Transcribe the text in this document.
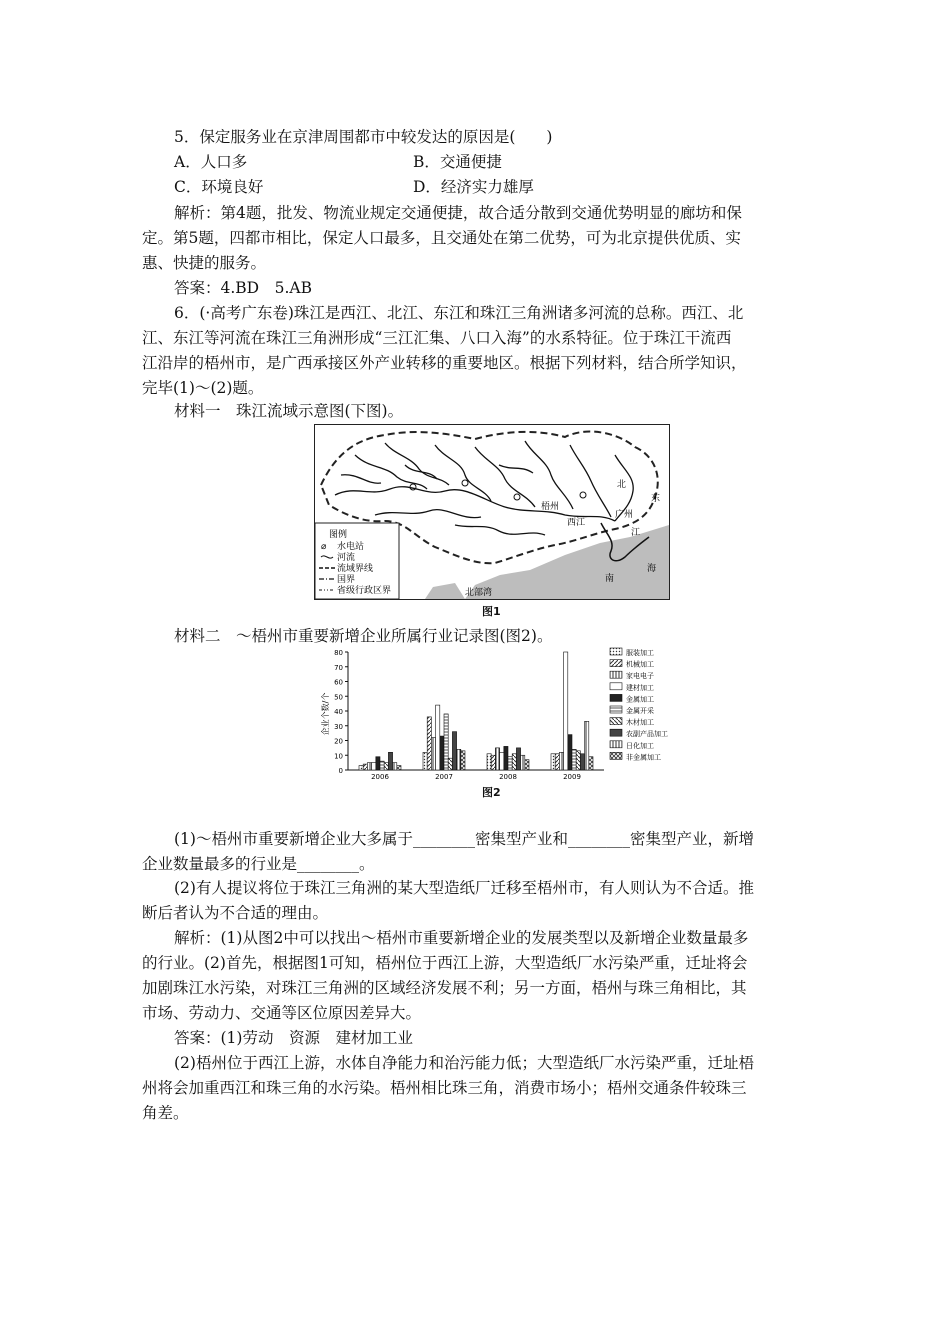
5．保定服务业在京津周围都市中较发达的原因是(　　)
A．人口多	B．交通便捷
C．环境良好	D．经济实力雄厚
解析：第4题，批发、物流业规定交通便捷，故合适分散到交通优势明显的廊坊和保
定。第5题，四都市相比，保定人口最多，且交通处在第二优势，可为北京提供优质、实
惠、快捷的服务。
答案：4.BD　5.AB
6．(·高考广东卷)珠江是西江、北江、东江和珠江三角洲诸多河流的总称。西江、北
江、东江等河流在珠江三角洲形成“三江汇集、八口入海”的水系特征。位于珠江干流西
江沿岸的梧州市，是广西承接区外产业转移的重要地区。根据下列材料，结合所学知识，
完毕(1)～(2)题。
材料一　珠江流域示意图(下图)。
图例
⌀ 水电站
河流
流域界线
国界
省级行政区界
梧州
西江
广州
北
东
江
南
海
北部湾
图1
材料二　～梧州市重要新增企业所属行业记录图(图2)。
0
10
20
30
40
50
60
70
80
2006	2007	2008	2009
服装加工
机械加工
家电电子
建材加工
金属加工
金属开采
木材加工
农副产品加工
日化加工
非金属加工
企业个数/个
图2
(1)～梧州市重要新增企业大多属于________密集型产业和________密集型产业，新增
企业数量最多的行业是________。
(2)有人提议将位于珠江三角洲的某大型造纸厂迁移至梧州市，有人则认为不合适。推
断后者认为不合适的理由。
解析：(1)从图2中可以找出～梧州市重要新增企业的发展类型以及新增企业数量最多
的行业。(2)首先，根据图1可知，梧州位于西江上游，大型造纸厂水污染严重，迁址将会
加剧珠江水污染，对珠江三角洲的区域经济发展不利；另一方面，梧州与珠三角相比，其
市场、劳动力、交通等区位原因差异大。
答案：(1)劳动　资源　建材加工业
(2)梧州位于西江上游，水体自净能力和治污能力低；大型造纸厂水污染严重，迁址梧
州将会加重西江和珠三角的水污染。梧州相比珠三角，消费市场小；梧州交通条件较珠三
角差。
